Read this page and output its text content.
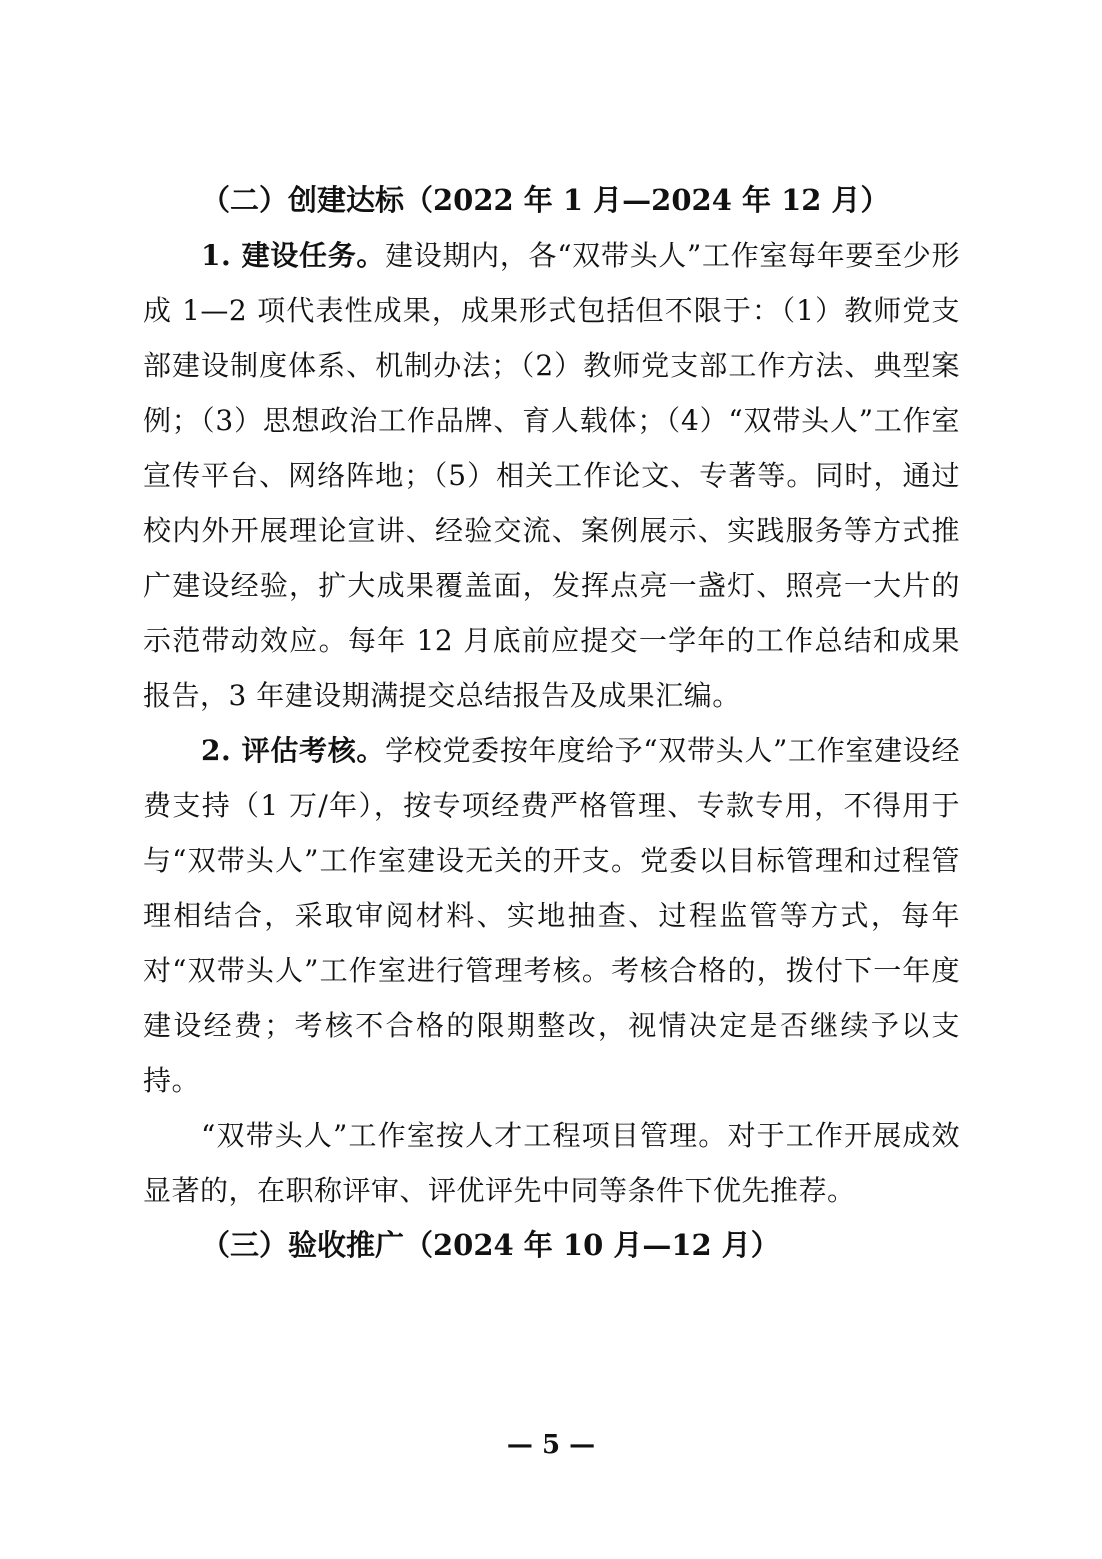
（二）创建达标（2022 年 1 月—2024 年 12 月）

1. 建设任务。建设期内，各“双带头人”工作室每年要至少形成 1—2 项代表性成果，成果形式包括但不限于：（1）教师党支部建设制度体系、机制办法；（2）教师党支部工作方法、典型案例；（3）思想政治工作品牌、育人载体；（4）“双带头人”工作室宣传平台、网络阵地；（5）相关工作论文、专著等。同时，通过校内外开展理论宣讲、经验交流、案例展示、实践服务等方式推广建设经验，扩大成果覆盖面，发挥点亮一盏灯、照亮一大片的示范带动效应。每年 12 月底前应提交一学年的工作总结和成果报告，3 年建设期满提交总结报告及成果汇编。

2. 评估考核。学校党委按年度给予“双带头人”工作室建设经费支持（1 万/年），按专项经费严格管理、专款专用，不得用于与“双带头人”工作室建设无关的开支。党委以目标管理和过程管理相结合，采取审阅材料、实地抽查、过程监管等方式，每年对“双带头人”工作室进行管理考核。考核合格的，拨付下一年度建设经费；考核不合格的限期整改，视情决定是否继续予以支持。

“双带头人”工作室按人才工程项目管理。对于工作开展成效显著的，在职称评审、评优评先中同等条件下优先推荐。

（三）验收推广（2024 年 10 月—12 月）

— 5 —
